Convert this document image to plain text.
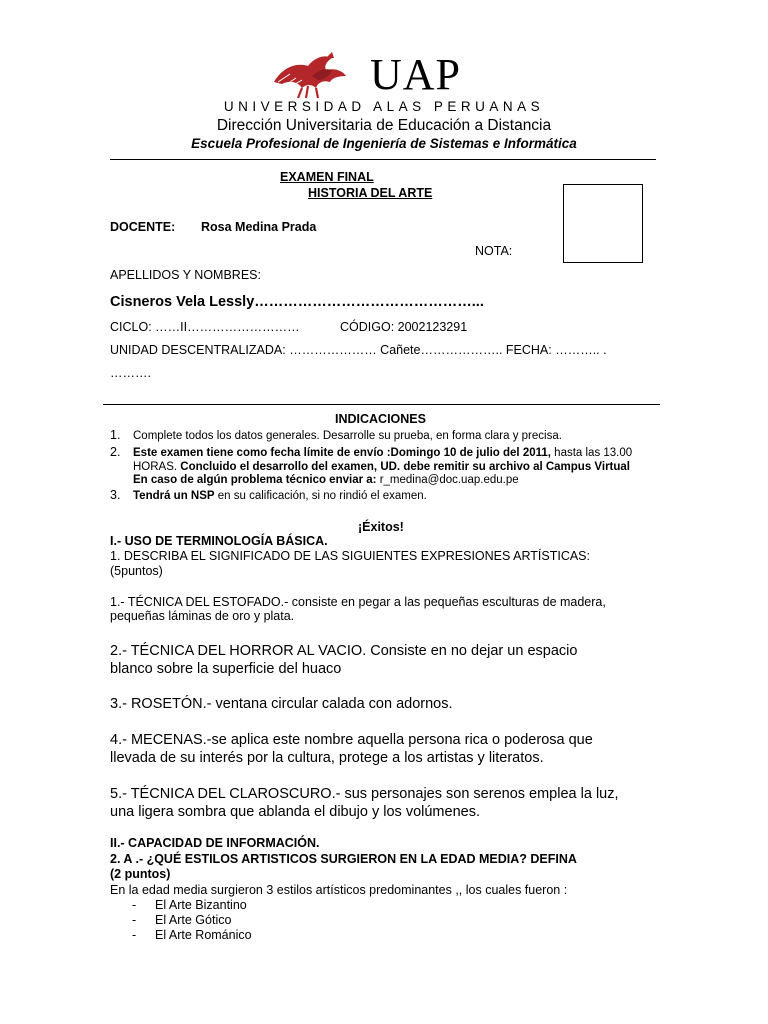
UAP
UNIVERSIDAD ALAS PERUANAS
Dirección Universitaria de Educación a Distancia
Escuela Profesional de Ingeniería de Sistemas e Informática
EXAMEN FINAL
HISTORIA DEL ARTE
DOCENTE: Rosa Medina Prada
NOTA:
APELLIDOS Y NOMBRES:
Cisneros Vela Lessly………………………………………...
CICLO: ……II………………………	CÓDIGO: 2002123291
UNIDAD DESCENTRALIZADA: ………………… Cañete……………….. FECHA: ……….. .
……….
INDICACIONES
1. Complete todos los datos generales. Desarrolle su prueba, en forma clara y precisa.
2. Este examen tiene como fecha límite de envío :Domingo 10 de julio del 2011, hasta las 13.00
HORAS. Concluido el desarrollo del examen, UD. debe remitir su archivo al Campus Virtual
En caso de algún problema técnico enviar a: r_medina@doc.uap.edu.pe
3. Tendrá un NSP en su calificación, si no rindió el examen.
¡Éxitos!
I.- USO DE TERMINOLOGÍA BÁSICA.
1. DESCRIBA EL SIGNIFICADO DE LAS SIGUIENTES EXPRESIONES ARTÍSTICAS:
(5puntos)
1.- TÉCNICA DEL ESTOFADO.- consiste en pegar a las pequeñas esculturas de madera,
pequeñas láminas de oro y plata.
2.- TÉCNICA DEL HORROR AL VACIO. Consiste en no dejar un espacio
blanco sobre la superficie del huaco
3.- ROSETÓN.- ventana circular calada con adornos.
4.- MECENAS.-se aplica este nombre aquella persona rica o poderosa que
llevada de su interés por la cultura, protege a los artistas y literatos.
5.- TÉCNICA DEL CLAROSCURO.- sus personajes son serenos emplea la luz,
una ligera sombra que ablanda el dibujo y los volúmenes.
II.- CAPACIDAD DE INFORMACIÓN.
2. A .- ¿QUÉ ESTILOS ARTISTICOS SURGIERON EN LA EDAD MEDIA? DEFINA
(2 puntos)
En la edad media surgieron 3 estilos artísticos predominantes ,, los cuales fueron :
- El Arte Bizantino
- El Arte Gótico
- El Arte Románico
